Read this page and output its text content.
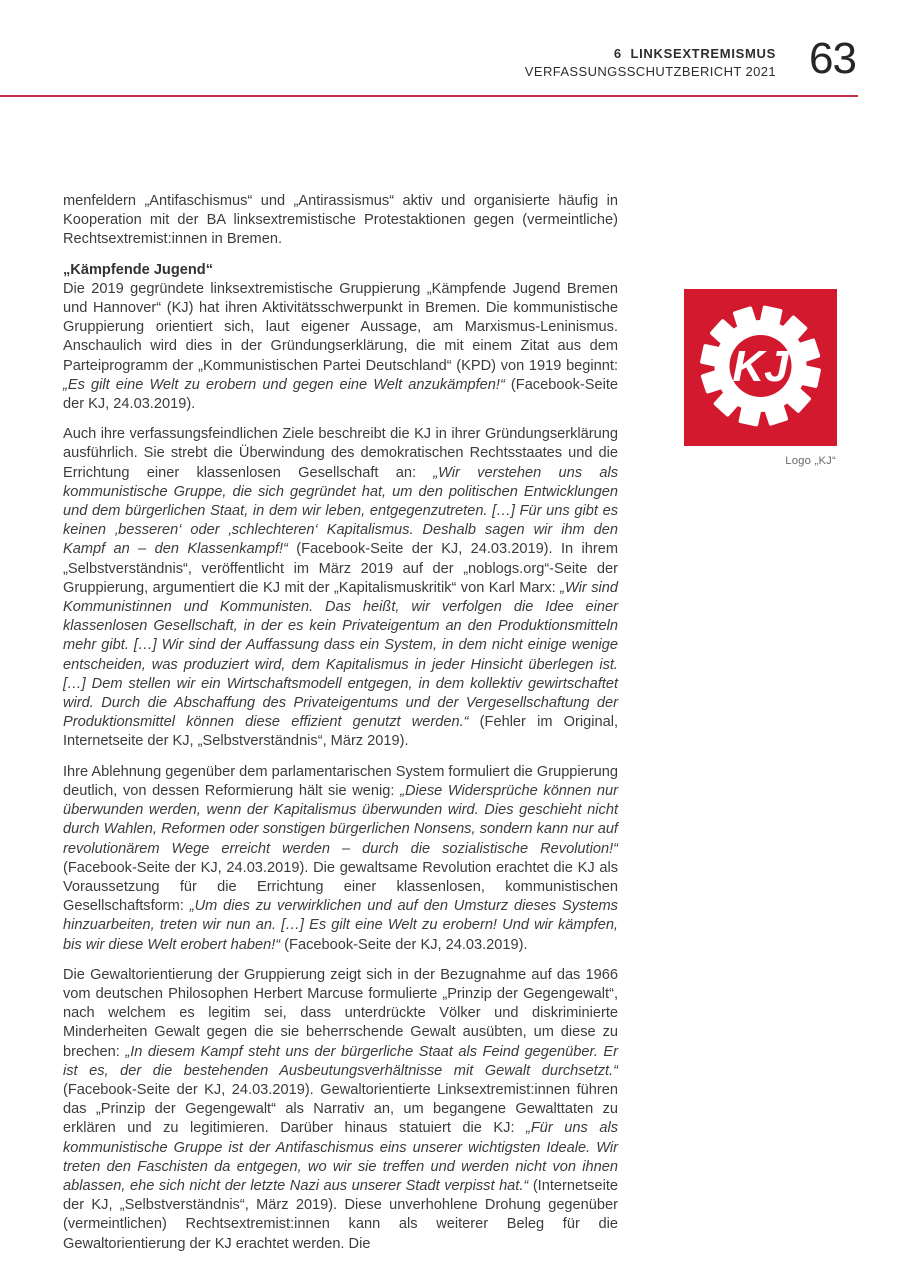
6  LINKSEXTREMISMUS
VERFASSUNGSSCHUTZBERICHT 2021 63

menfeldern „Antifaschismus“ und „Antirassismus“ aktiv und organisierte häufig in Kooperation mit der BA linksextremistische Protestaktionen gegen (vermeintliche) Rechtsextremist:innen in Bremen.

„Kämpfende Jugend“

Die 2019 gegründete linksextremistische Gruppierung „Kämpfende Jugend Bremen und Hannover“ (KJ) hat ihren Aktivitätsschwerpunkt in Bremen. Die kommunistische Gruppierung orientiert sich, laut eigener Aussage, am Marxismus-Leninismus. Anschaulich wird dies in der Gründungserklärung, die mit einem Zitat aus dem Parteiprogramm der „Kommunistischen Partei Deutschland“ (KPD) von 1919 beginnt: „Es gilt eine Welt zu erobern und gegen eine Welt anzukämpfen!“ (Facebook-Seite der KJ, 24.03.2019).

Auch ihre verfassungsfeindlichen Ziele beschreibt die KJ in ihrer Gründungserklärung ausführlich. Sie strebt die Überwindung des demokratischen Rechtsstaates und die Errichtung einer klassenlosen Gesellschaft an: „Wir verstehen uns als kommunistische Gruppe, die sich gegründet hat, um den politischen Entwicklungen und dem bürgerlichen Staat, in dem wir leben, entgegenzutreten. […] Für uns gibt es keinen ‚besseren‘ oder ‚schlechteren‘ Kapitalismus. Deshalb sagen wir ihm den Kampf an – den Klassenkampf!“ (Facebook-Seite der KJ, 24.03.2019). In ihrem „Selbstverständnis“, veröffentlicht im März 2019 auf der „noblogs.org“-Seite der Gruppierung, argumentiert die KJ mit der „Kapitalismuskritik“ von Karl Marx: „Wir sind Kommunistinnen und Kommunisten. Das heißt, wir verfolgen die Idee einer klassenlosen Gesellschaft, in der es kein Privateigentum an den Produktionsmitteln mehr gibt. […] Wir sind der Auffassung dass ein System, in dem nicht einige wenige entscheiden, was produziert wird, dem Kapitalismus in jeder Hinsicht überlegen ist. […] Dem stellen wir ein Wirtschaftsmodell entgegen, in dem kollektiv gewirtschaftet wird. Durch die Abschaffung des Privateigentums und der Vergesellschaftung der Produktionsmittel können diese effizient genutzt werden.“ (Fehler im Original, Internetseite der KJ, „Selbstverständnis“, März 2019).

Ihre Ablehnung gegenüber dem parlamentarischen System formuliert die Gruppierung deutlich, von dessen Reformierung hält sie wenig: „Diese Widersprüche können nur überwunden werden, wenn der Kapitalismus überwunden wird. Dies geschieht nicht durch Wahlen, Reformen oder sonstigen bürgerlichen Nonsens, sondern kann nur auf revolutionärem Wege erreicht werden – durch die sozialistische Revolution!“ (Facebook-Seite der KJ, 24.03.2019). Die gewaltsame Revolution erachtet die KJ als Voraussetzung für die Errichtung einer klassenlosen, kommunistischen Gesellschaftsform: „Um dies zu verwirklichen und auf den Umsturz dieses Systems hinzuarbeiten, treten wir nun an. […] Es gilt eine Welt zu erobern! Und wir kämpfen, bis wir diese Welt erobert haben!“ (Facebook-Seite der KJ, 24.03.2019).

Die Gewaltorientierung der Gruppierung zeigt sich in der Bezugnahme auf das 1966 vom deutschen Philosophen Herbert Marcuse formulierte „Prinzip der Gegengewalt“, nach welchem es legitim sei, dass unterdrückte Völker und diskriminierte Minderheiten Gewalt gegen die sie beherrschende Gewalt ausübten, um diese zu brechen: „In diesem Kampf steht uns der bürgerliche Staat als Feind gegenüber. Er ist es, der die bestehenden Ausbeutungsverhältnisse mit Gewalt durchsetzt.“ (Facebook-Seite der KJ, 24.03.2019). Gewaltorientierte Linksextremist:innen führen das „Prinzip der Gegengewalt“ als Narrativ an, um begangene Gewalttaten zu erklären und zu legitimieren. Darüber hinaus statuiert die KJ: „Für uns als kommunistische Gruppe ist der Antifaschismus eins unserer wichtigsten Ideale. Wir treten den Faschisten da entgegen, wo wir sie treffen und werden nicht von ihnen ablassen, ehe sich nicht der letzte Nazi aus unserer Stadt verpisst hat.“ (Internetseite der KJ, „Selbstverständnis“, März 2019). Diese unverhohlene Drohung gegenüber (vermeintlichen) Rechtsextremist:innen kann als weiterer Beleg für die Gewaltorientierung der KJ erachtet werden. Die

KJ
Logo „KJ“
